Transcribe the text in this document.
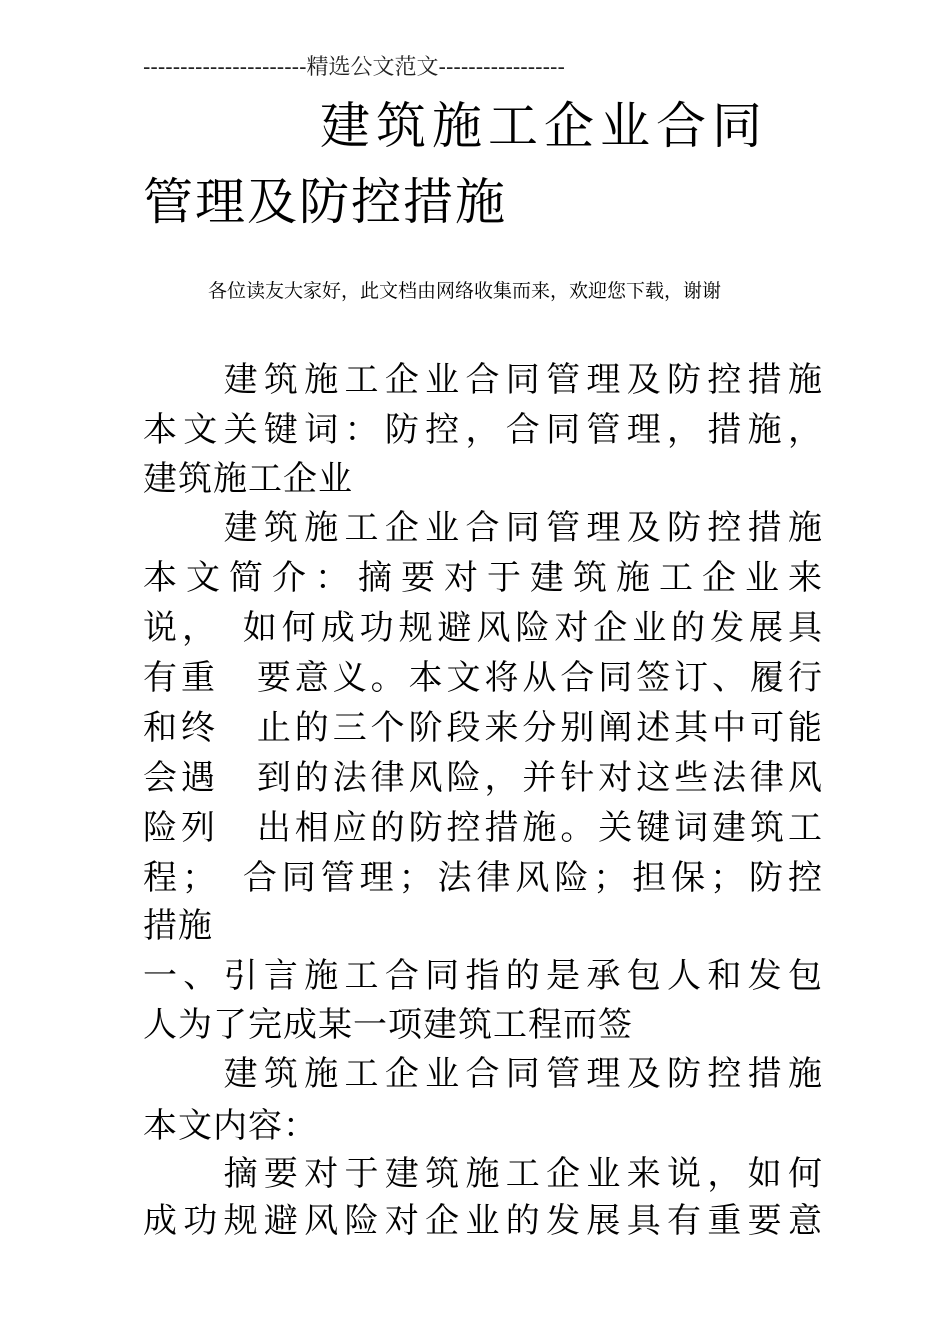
----------------------精选公文范文-----------------
建筑施工企业合同
管理及防控措施
各位读友大家好，此文档由网络收集而来，欢迎您下载，谢谢
　　建筑施工企业合同管理及防控措施
本文关键词：防控，合同管理，措施，
建筑施工企业
　　建筑施工企业合同管理及防控措施
本文简介：摘要对于建筑施工企业来
说，　如何成功规避风险对企业的发展具
有重　要意义。本文将从合同签订、履行
和终　止的三个阶段来分别阐述其中可能
会遇　到的法律风险，并针对这些法律风
险列　出相应的防控措施。关键词建筑工
程；　合同管理；法律风险；担保；防控
措施
一、引言施工合同指的是承包人和发包
人为了完成某一项建筑工程而签
　　建筑施工企业合同管理及防控措施
本文内容：
　　摘要对于建筑施工企业来说，如何
成功规避风险对企业的发展具有重要意
